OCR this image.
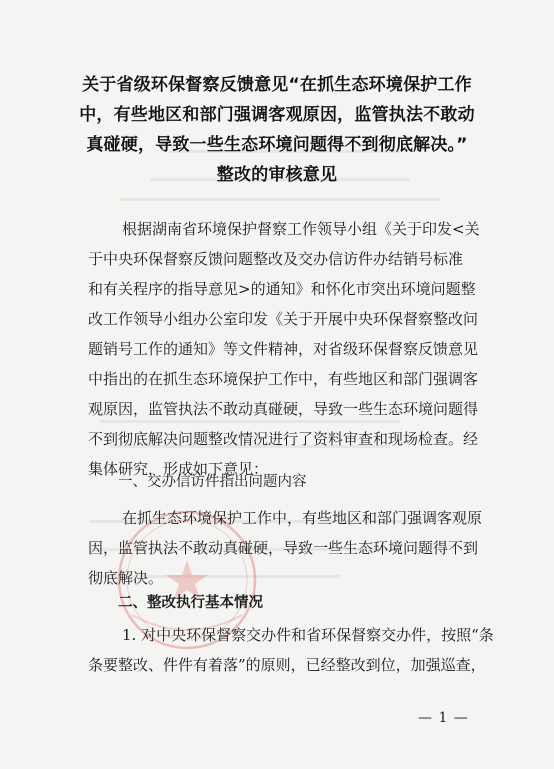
关于省级环保督察反馈意见“在抓生态环境保护工作
中，有些地区和部门强调客观原因，监管执法不敢动
真碰硬，导致一些生态环境问题得不到彻底解决。”
整改的审核意见
根据湖南省环境保护督察工作领导小组《关于印发<关
于中央环保督察反馈问题整改及交办信访件办结销号标准
和有关程序的指导意见>的通知》和怀化市突出环境问题整
改工作领导小组办公室印发《关于开展中央环保督察整改问
题销号工作的通知》等文件精神，对省级环保督察反馈意见
中指出的在抓生态环境保护工作中，有些地区和部门强调客
观原因，监管执法不敢动真碰硬，导致一些生态环境问题得
不到彻底解决问题整改情况进行了资料审查和现场检查。经
集体研究，形成如下意见：
一、交办信访件指出问题内容
在抓生态环境保护工作中，有些地区和部门强调客观原
因，监管执法不敢动真碰硬，导致一些生态环境问题得不到
彻底解决。
二、整改执行基本情况
1. 对中央环保督察交办件和省环保督察交办件，按照“条
条要整改、件件有着落”的原则，已经整改到位，加强巡查，
— 1 —
